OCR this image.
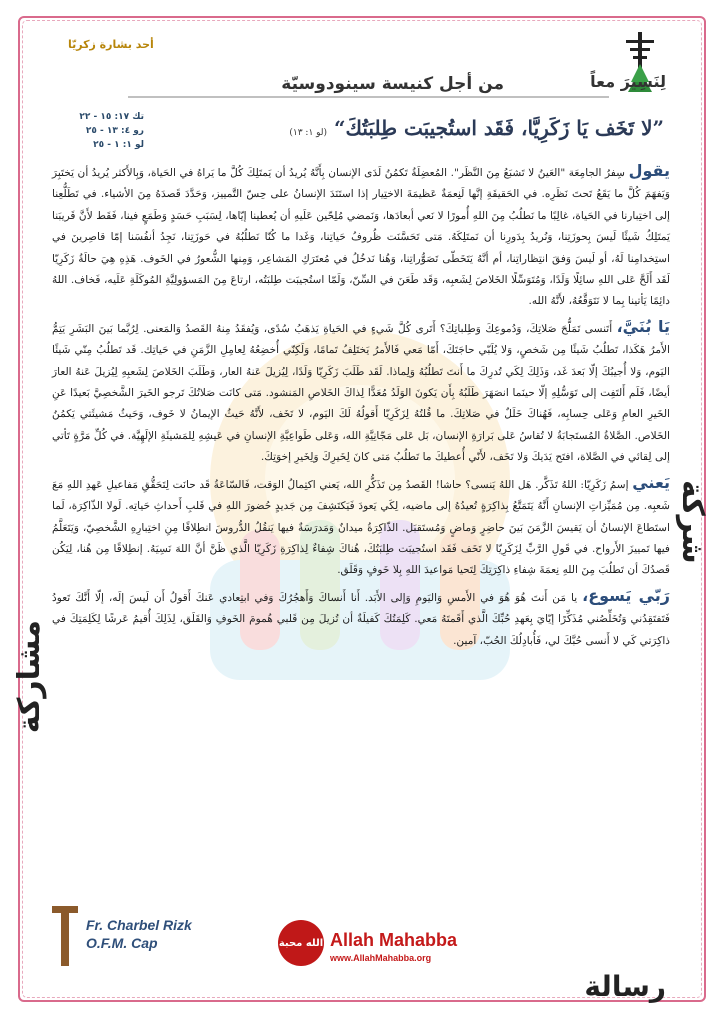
أحد بشارة زكريّا
لِنَسِيرَ معاً
من أجل كنيسة سينودوسيّة
تك ١٧: ١٥ - ٢٢
رو ٤: ١٣ - ٢٥
لو ١: ١ - ٢٥
”لا تَخَف يَا زَكَرِيَّا، فَقَد استُجيبَت طِلبَتُكَ“ (لو ١: ١٣)

يقول سِفرُ الجامِعَة "العَينُ لا تَشبَعُ مِنَ النَّظَر". المُعضِلَةُ تَكمُنُ لَدَى الإنسان بِأَنَّهُ يُريدُ أن يَمتَلِكَ كُلَّ ما يَراهُ في الحَياة، وَبِالأَكثر يُريدُ أن يَختَبِرَ وَيَفهَمَ كُلَّ ما يَقَعُ تَحتَ نَظَرِه. في الحَقيقَةِ إنَّها لَنِعمَةٌ عَظيمَةَ الاختِيار إذا استَنَدَ الإنسانُ على حِسّ التَّمييز، وَحَدَّدَ قَصدَهُ مِنَ الأشياء. في تَطَلُّعِنا إلى اختِبارنا في الحَياة، غالِبًا ما نَطلُبُ مِنَ اللهِ أُمورًا لا نَعي أبعادَها، وَنَمضي مُلِحّين عَلَيهِ أن يُعطينا إيّاها، لِسَبَبِ حَسَدٍ وَطَمَعٍ فينا، فَقَط لأَنَّ قَريبَنا يَمتَلِكُ شَيئًا لَيسَ بِحوزَتِنا، وَنُريدُ بِدَورِنا أن نَمتَلِكَهُ. مَتى تَحَسَّنَت ظُروفُ حَياتِنا، وَغَدا ما كُنّا نَطلُبُهُ في حَوزَتِنا، نَجِدُ أنفُسَنا إمّا قاصِرينَ في استِخدامِنا لَهُ، أو لَيسَ وَفقَ انتِظاراتِنا، أم أنَّهُ يَتَخَطّى تَصَوُّراتِنا، وَهُنا نَدخُلُ في مُعتَرَكِ المَشاعِر، وَمِنها الشُّعورُ في الخَوف. هَذِهِ هِيَ حالَةُ زَكَرِيّا لَقَد أَلَحَّ عَلى اللهِ سائِلًا وَلَدًا، وَمُتَوَسِّلًا الخَلاصَ لِشَعبِه، وَقَد طَعَنَ في السِّنّ، وَلَمّا استُجيبَت طِلبَتُه، ارتاعَ مِنَ المَسؤولِيَّةِ المُوكَلَةِ عَلَيه، فَخاف. اللهُ دائِمًا يَأتينا بِما لا نَتَوَقَّعُهُ، لأَنَّهُ الله.

يَا بُنَيَّ، أَتَنسى تَمَلُّحَ صَلاتِكَ، وَدُموعِكَ وَطِلباتِكَ؟ أَتَرى كُلَّ شَيءٍ في الحَياةِ يَذهَبُ سُدًى، وَيُفقَدُ مِنهُ القَصدُ وَالمَعنى. لِرُبَّما بَينَ البَشَرِ يَتِمُّ الأَمرُ هَكَذا، تَطلُبُ شَيئًا مِن شَخصٍ، وَلا يُلَبّي حاجَتَكَ، أَمّا مَعي فَالأَمرُ يَختَلِفُ تَمامًا، وَلَكِنّي أُخضِعُهُ لِعامِلِ الزَّمَنِ في حَياتِك. قَد تَطلُبُ مِنّي شَيئًا اليَوم، وَلا أُجيبُكَ إلّا بَعدَ غَد، وَذَلِكَ لِكَي تُدرِكَ ما أَنتَ تَطلُبُهُ وَلِماذا. لَقَد طَلَبَ زَكَرِيّا وَلَدًا، لِيُزيلَ عَنهُ العار، وَطَلَبَ الخَلاصَ لِشَعبِهِ لِيُزيلَ عَنهُ العارَ أيضًا، فَلَم أَلتَفِت إلى تَوَسُّلِهِ إلّا حينَما انصَهَرَ طَلَبُهُ بِأَن يَكونَ الوَلَدُ مُعَدًّا لِذاكَ الخَلاصِ المَنشود. مَتى كانَت صَلاتُكَ تَرجو الخَيرَ الشَّخصِيَّ بَعيدًا عَنِ الخَيرِ العامِ وَعَلى حِسابِه، فَهُناكَ خَلَلٌ في صَلاتِكَ. ما قُلتُهُ لِزَكَرِيّا أَقولُهُ لَكَ اليَوم، لا تَخَف، لأَنَّهُ حَيثُ الإيمانُ لا خَوف، وَحَيثُ مَشيئَتي يَكمُنُ الخَلاص. الصَّلاةُ المُستَجابَةُ لا تُقاسُ عَلى بَرارَةِ الإنسان، بَل عَلى مَجّانِيَّةِ الله، وَعَلى طَواعِيَّةِ الإنسانِ في عَيشِهِ لِلمَشيئَةِ الإلَهِيَّة. في كُلِّ مَرَّةٍ تَأتي إلى لِقائي في الصَّلاة، افتَح يَدَيكَ وَلا تَخَف، لأَنّي أُعطيكَ ما تَطلُبُ مَتى كانَ لِخَيرِكَ وَلِخَيرِ إخوَتِكَ.

يَعني إسمُ زَكَرِيّا: اللهُ تَذَكَّر. هَل اللهُ يَنسى؟ حاشا! القَصدُ مِن تَذَكُّرِ الله، يَعني اكتِمالُ الوَقت، فَالسّاعَةُ قَد حانَت لِتَحَقُّقِ مَفاعيلِ عَهدِ اللهِ مَعَ شَعبِه. مِن مُمَيِّزاتِ الإنسانِ أَنَّهُ يَتَمَتَّعُ بِذاكِرَةٍ تُعيدُهُ إلى ماضيه، لِكَي يَعودَ فَيَكتَشِفَ مِن جَديدٍ حُضورَ اللهِ في قَلبِ أَحداثِ حَياتِه. لَولا الذّاكِرَة، لَما استَطاعَ الإنسانُ أن يَقيسَ الزَّمَنَ بَينَ حاضِرٍ وَماضٍ وَمُستَقبَل. الذّاكِرَةُ ميدانٌ وَمَدرَسَةٌ فيها يَنقُلُ الدُّروسَ انطِلاقًا مِنِ اختِبارِهِ الشَّخصِيّ، وَيَتَعَلَّمُ فيها تَمييزَ الأَرواح. في قَولِ الرَّبِّ لِزَكَرِيّا لا تَخَف فَقَد استُجيبَت طِلبَتُكَ، هُناكَ شِفاءٌ لِذاكِرَةِ زَكَرِيّا الَّذي ظَنَّ أنَّ اللهَ نَسِيَهُ. إنطِلاقًا مِن هُنا، لِيَكُن قَصدُكَ أن تَطلُبَ مِنَ اللهِ نِعمَةَ شِفاءِ ذاكِرَتِكَ لِتَحيا مَواعيدَ اللهِ بِلا خَوفٍ وَقَلَق.

رَبّي يَسوع، يا مَن أَنتَ هُوَ هُوَ في الأَمسِ وَاليَومِ وَإلى الأَبَد. أَنا أَنساكَ وَأَهجُرُكَ وَفي ابتِعادي عَنكَ أَقولُ أَن لَيسَ إلَه، إلّا أَنَّكَ تَعودُ فَتَفتَقِدُني وَتُخَلِّصُني مُذَكِّرًا إيّايَ بِعَهدِ حُبِّكَ الَّذي أَقَمتَهُ مَعي. كَلِمَتُكَ كَفيلَةٌ أن تُزيلَ مِن قَلبي هُمومَ الخَوفِ وَالقَلَق، لِذَلِكَ أُقيمُ عَرشًا لِكَلِمَتِكَ في ذاكِرَتي كَي لا أَنسى حُبَّكَ لي، فَأُبادِلُكَ الحُبّ، آمين.

شركة
مشاركة
رسالة
Fr. Charbel Rizk
O.F.M. Cap	الله محبة Allah Mahabba
www.AllahMahabba.org
